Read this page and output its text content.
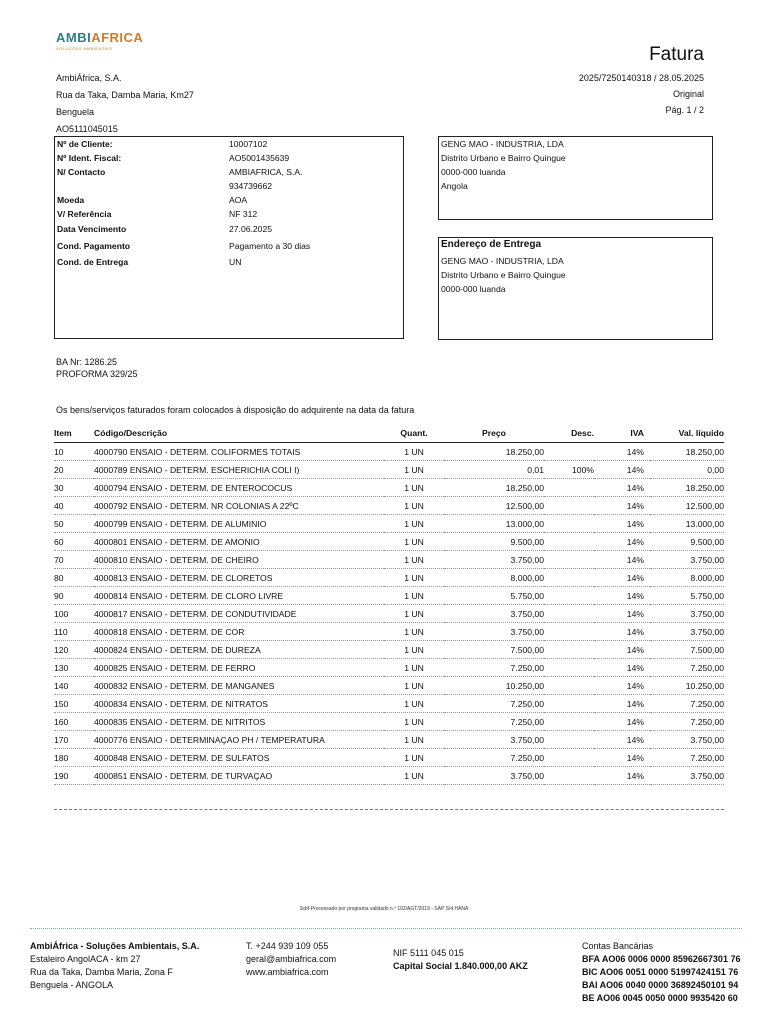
AMBIAFRICA
SOLUÇÕES AMBIENTAIS	Fatura
2025/7250140318 / 28.05.2025
Original
Pág. 1 / 2
AmbiÁfrica, S.A.
Rua da Taka, Damba Maria, Km27
Benguela
AO5111045015
Nº de Cliente:	10007102
Nº Ident. Fiscal:	AO5001435639
N/ Contacto	AMBIAFRICA, S.A.
934739662
Moeda	AOA
V/ Referência	NF 312
Data Vencimento	27.06.2025
Cond. Pagamento	Pagamento a 30 dias
Cond. de Entrega	UN
GENG MAO - INDUSTRIA, LDA
Distrito Urbano e Bairro Quingue
0000-000 luanda
Angola
Endereço de Entrega
GENG MAO - INDUSTRIA, LDA
Distrito Urbano e Bairro Quingue
0000-000 luanda
BA Nr: 1286.25
PROFORMA 329/25
Os bens/serviços faturados foram colocados à disposição do adquirente na data da fatura
Item	Código/Descrição	Quant.	Preço	Desc.	IVA	Val. líquido
10	4000790 ENSAIO - DETERM. COLIFORMES TOTAIS	1 UN	18.250,00		14%	18.250,00
20	4000789 ENSAIO - DETERM. ESCHERICHIA COLI I)	1 UN	0,01	100%	14%	0,00
30	4000794 ENSAIO - DETERM. DE ENTEROCOCUS	1 UN	18.250,00		14%	18.250,00
40	4000792 ENSAIO - DETERM. NR COLONIAS A 22ºC	1 UN	12.500,00		14%	12.500,00
50	4000799 ENSAIO - DETERM. DE ALUMINIO	1 UN	13.000,00		14%	13.000,00
60	4000801 ENSAIO - DETERM. DE AMONIO	1 UN	9.500,00		14%	9.500,00
70	4000810 ENSAIO - DETERM. DE CHEIRO	1 UN	3.750,00		14%	3.750,00
80	4000813 ENSAIO - DETERM. DE CLORETOS	1 UN	8.000,00		14%	8.000,00
90	4000814 ENSAIO - DETERM. DE CLORO LIVRE	1 UN	5.750,00		14%	5.750,00
100	4000817 ENSAIO - DETERM. DE CONDUTIVIDADE	1 UN	3.750,00		14%	3.750,00
110	4000818 ENSAIO - DETERM. DE COR	1 UN	3.750,00		14%	3.750,00
120	4000824 ENSAIO - DETERM. DE DUREZA	1 UN	7.500,00		14%	7.500,00
130	4000825 ENSAIO - DETERM. DE FERRO	1 UN	7.250,00		14%	7.250,00
140	4000832 ENSAIO - DETERM. DE MANGANES	1 UN	10.250,00		14%	10.250,00
150	4000834 ENSAIO - DETERM. DE NITRATOS	1 UN	7.250,00		14%	7.250,00
160	4000835 ENSAIO - DETERM. DE NITRITOS	1 UN	7.250,00		14%	7.250,00
170	4000776 ENSAIO - DETERMINAÇAO PH / TEMPERATURA	1 UN	3.750,00		14%	3.750,00
180	4000848 ENSAIO - DETERM. DE SULFATOS	1 UN	7.250,00		14%	7.250,00
190	4000851 ENSAIO - DETERM. DE TURVAÇAO	1 UN	3.750,00		14%	3.750,00
3sbf-Processado por programa validado n.º 102/AGT/2019 - SAP S/4 HANA
AmbiÁfrica - Soluções Ambientais, S.A.
Estaleiro AngolACA - km 27
Rua da Taka, Damba Maria, Zona F
Benguela - ANGOLA
T. +244 939 109 055
geral@ambiafrica.com
www.ambiafrica.com
NIF 5111 045 015
Capital Social 1.840.000,00 AKZ
Contas Bancárias
BFA AO06 0006 0000 85962667301 76
BIC AO06 0051 0000 51997424151 76
BAI AO06 0040 0000 36892450101 94
BE AO06 0045 0050 0000 9935420 60
